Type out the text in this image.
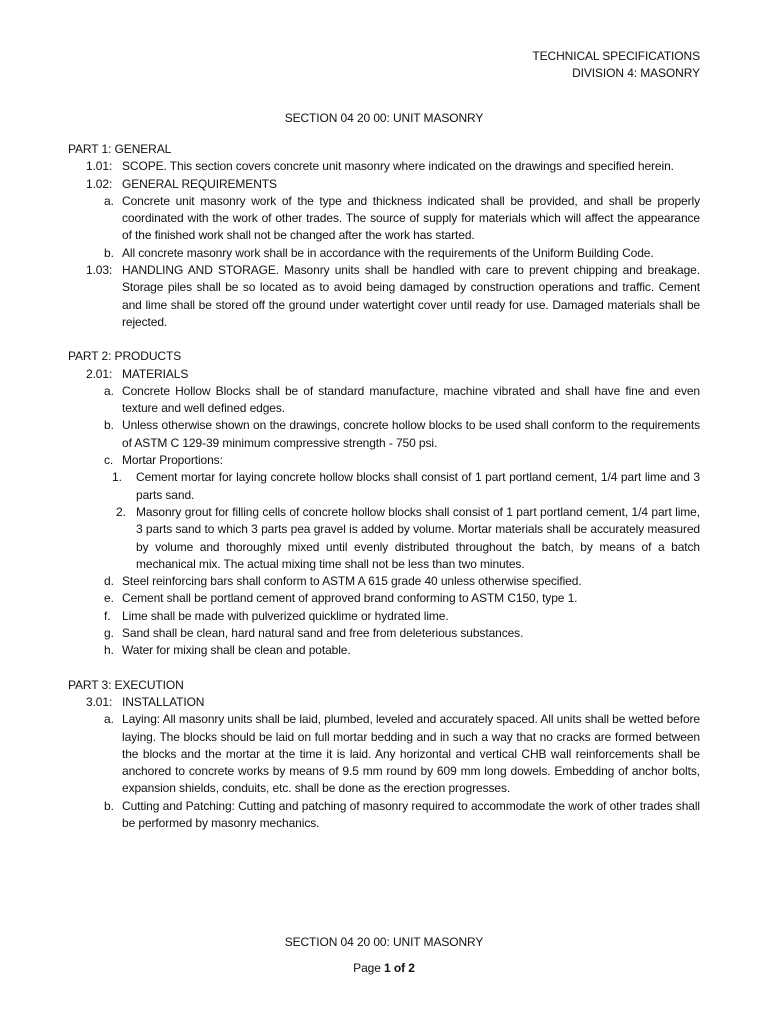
TECHNICAL SPECIFICATIONS
DIVISION 4: MASONRY
SECTION 04 20 00: UNIT MASONRY
PART 1: GENERAL
1.01: SCOPE. This section covers concrete unit masonry where indicated on the drawings and specified herein.
1.02: GENERAL REQUIREMENTS
a. Concrete unit masonry work of the type and thickness indicated shall be provided, and shall be properly coordinated with the work of other trades. The source of supply for materials which will affect the appearance of the finished work shall not be changed after the work has started.
b. All concrete masonry work shall be in accordance with the requirements of the Uniform Building Code.
1.03: HANDLING AND STORAGE. Masonry units shall be handled with care to prevent chipping and breakage. Storage piles shall be so located as to avoid being damaged by construction operations and traffic. Cement and lime shall be stored off the ground under watertight cover until ready for use. Damaged materials shall be rejected.
PART 2: PRODUCTS
2.01: MATERIALS
a. Concrete Hollow Blocks shall be of standard manufacture, machine vibrated and shall have fine and even texture and well defined edges.
b. Unless otherwise shown on the drawings, concrete hollow blocks to be used shall conform to the requirements of ASTM C 129-39 minimum compressive strength - 750 psi.
c. Mortar Proportions:
1.	Cement mortar for laying concrete hollow blocks shall consist of 1 part portland cement, 1/4 part lime and 3 parts sand.
2. Masonry grout for filling cells of concrete hollow blocks shall consist of 1 part portland cement, 1/4 part lime, 3 parts sand to which 3 parts pea gravel is added by volume. Mortar materials shall be accurately measured by volume and thoroughly mixed until evenly distributed throughout the batch, by means of a batch mechanical mix. The actual mixing time shall not be less than two minutes.
d. Steel reinforcing bars shall conform to ASTM A 615 grade 40 unless otherwise specified.
e. Cement shall be portland cement of approved brand conforming to ASTM C150, type 1.
f. Lime shall be made with pulverized quicklime or hydrated lime.
g. Sand shall be clean, hard natural sand and free from deleterious substances.
h. Water for mixing shall be clean and potable.
PART 3: EXECUTION
3.01: INSTALLATION
a. Laying: All masonry units shall be laid, plumbed, leveled and accurately spaced. All units shall be wetted before laying. The blocks should be laid on full mortar bedding and in such a way that no cracks are formed between the blocks and the mortar at the time it is laid. Any horizontal and vertical CHB wall reinforcements shall be anchored to concrete works by means of 9.5 mm round by 609 mm long dowels. Embedding of anchor bolts, expansion shields, conduits, etc. shall be done as the erection progresses.
b. Cutting and Patching: Cutting and patching of masonry required to accommodate the work of other trades shall be performed by masonry mechanics.
SECTION 04 20 00: UNIT MASONRY
Page 1 of 2
